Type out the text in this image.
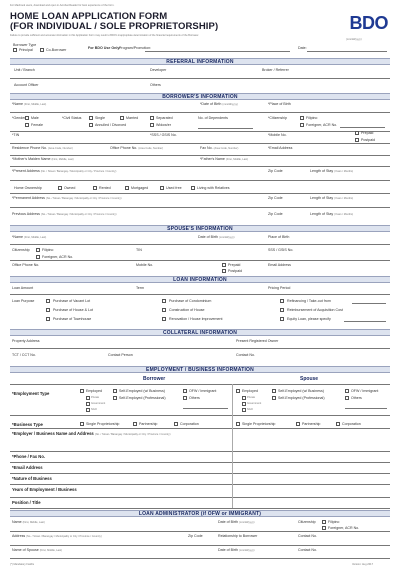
For Macbook users, download and open in Acrobat Reader for best experience of the form.
HOME LOAN APPLICATION FORM
(FOR INDIVIDUAL / SOLE PROPRIETORSHIP)
Failure to provide sufficient and accurate information in this Application Form may result to BDO's inappropriate determination of the financial requirements of the Borrower.
BDO
(mm/dd/yyyy)
Borrower Type
Principal	Co-Borrower	For BDO Use Only:
Program/Promotion:	Date:
REFERRAL INFORMATION
Unit / Branch	Developer	Broker / Referrer
Account Officer	Others
BORROWER'S INFORMATION
*Name (First, Middle, Last)	*Date of Birth (mm/dd/yyyy)	*Place of Birth
*Gender Male
Female
*Civil Status	Single	Married	Separated
Annulled / Divorced	Widow/er
No. of Dependents	*Citizenship	Filipino
Foreigner, ACR No.
*TIN	*SSS / GSIS No.	*Mobile No.	Prepaid
Postpaid
Residence Phone No. (Area Code, Number)	Office Phone No. (Area Code, Number)	Fax No. (Area Code, Number)	*Email Address
*Mother's Maiden Name (First, Middle, Last)	*Father's Name (First, Middle, Last)
*Present Address (No. / Street / Barangay / Municipality or City / Province / Country)	Zip Code	Length of Stay (Years / Months)
Home Ownership	Owned	Rented	Mortgaged	Used free	Living with Relatives
*Permanent Address (No. / Street / Barangay / Municipality or City / Province / Country)	Zip Code	Length of Stay (Years / Months)
Previous Address (No. / Street / Barangay / Municipality or City / Province / Country)	Zip Code	Length of Stay (Years / Months)
SPOUSE'S INFORMATION
*Name (First, Middle, Last)	Date of Birth (mm/dd/yyyy)	Place of Birth
Citizenship	Filipino
Foreigner, ACR No.
TIN	SSS / GSIS No.
Office Phone No.	Mobile No.	Prepaid
Postpaid
Email Address
LOAN INFORMATION
Loan Amount	Term	Pricing Period
Loan Purpose	Purchase of Vacant Lot
Purchase of House & Lot
Purchase of Townhouse
Purchase of Condominium
Construction of House
Renovation / House Improvement
Refinancing / Take-out from
Reimbursement of Acquisition Cost
Equity Loan, please specify
COLLATERAL INFORMATION
Property Address	Present Registered Owner
TCT / CCT No.	Contact Person	Contact No.
EMPLOYMENT / BUSINESS INFORMATION
Borrower	Spouse
*Employment Type	Employed
Private
Government
NGO
Self-Employed (w/ Business)
Self-Employed (Professional)
OFW / Immigrant
Others
Employed
Private
Government
NGO
Self-Employed (w/ Business)
Self-Employed (Professional)
OFW / Immigrant
Others
*Business Type	Single Proprietorship	Partnership	Corporation	Single Proprietorship	Partnership	Corporation
*Employer / Business Name and Address (No. / Street / Barangay / Municipality or City / Province / Country)
*Phone / Fax No.
*Email Address
*Nature of Business
Years of Employment / Business
Position / Title
LOAN ADMINISTRATOR (if OFW or IMMIGRANT)
Name (First, Middle, Last)	Date of Birth (mm/dd/yyyy)	Citizenship	Filipino
Foreigner, ACR No.
Address (No. / Street / Barangay / Municipality or City / Province / Country)	Zip Code	Relationship to Borrower	Contact No.
Name of Spouse (First, Middle, Last)	Date of Birth (mm/dd/yyyy)	Contact No.
(*) Mandatory Field/s	Version: Aug 2017
